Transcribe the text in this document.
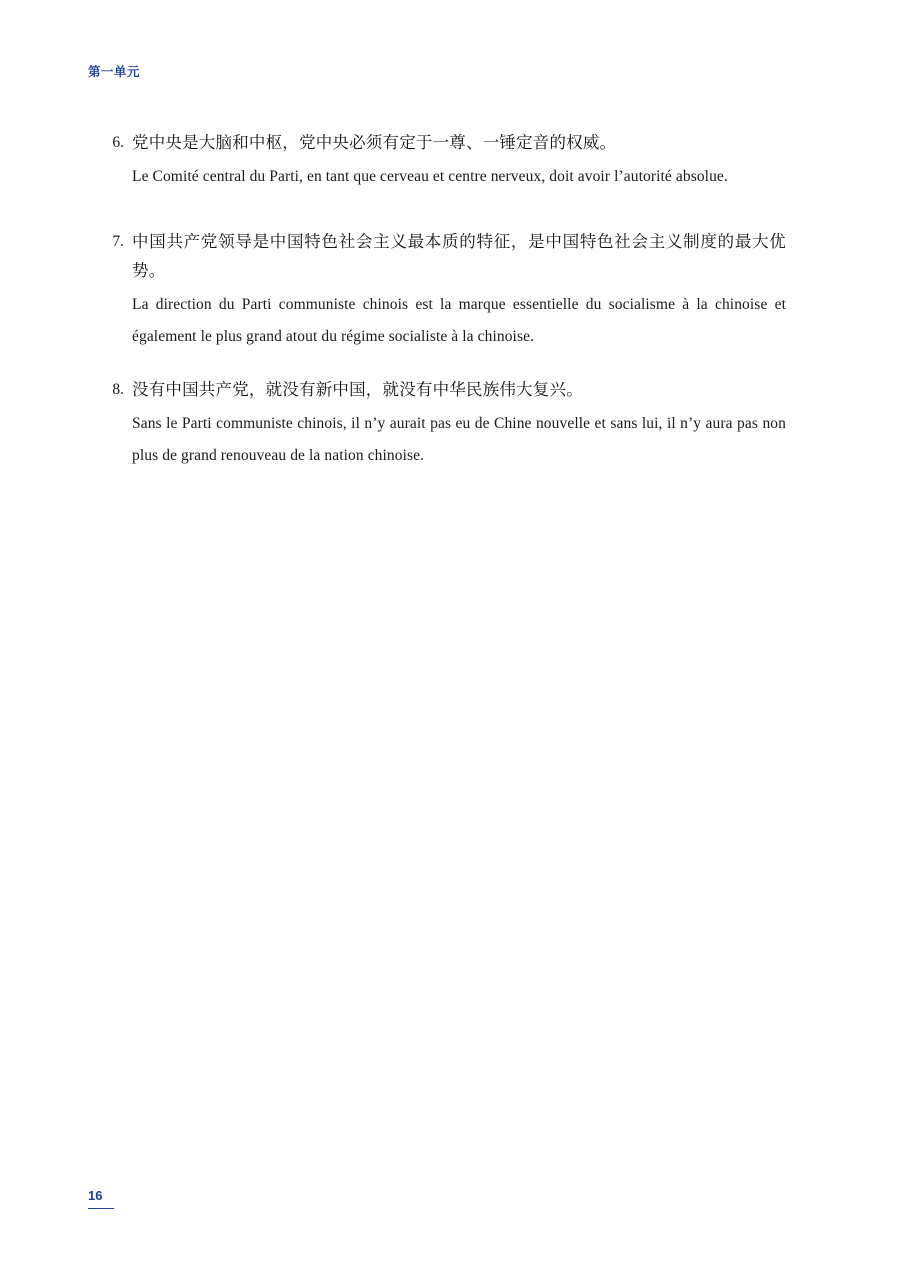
第一单元
6. 党中央是大脑和中枢，党中央必须有定于一尊、一锤定音的权威。

Le Comité central du Parti, en tant que cerveau et centre nerveux, doit avoir l’autorité absolue.

7. 中国共产党领导是中国特色社会主义最本质的特征，是中国特色社会主义制度的最大优势。

La direction du Parti communiste chinois est la marque essentielle du socialisme à la chinoise et également le plus grand atout du régime socialiste à la chinoise.

8. 没有中国共产党，就没有新中国，就没有中华民族伟大复兴。

Sans le Parti communiste chinois, il n’y aurait pas eu de Chine nouvelle et sans lui, il n’y aura pas non plus de grand renouveau de la nation chinoise.

16
